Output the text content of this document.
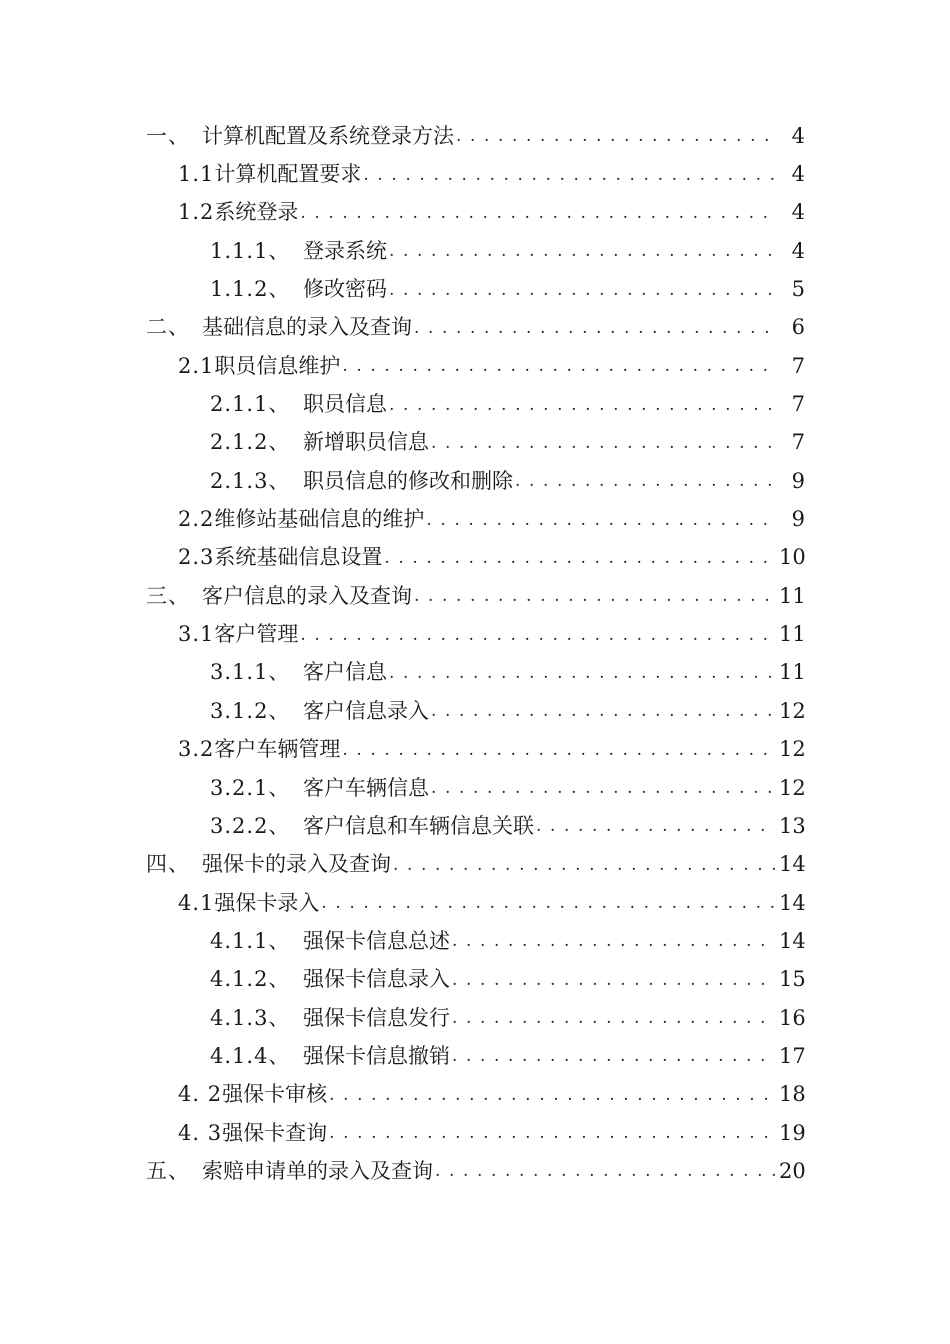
一、 计算机配置及系统登录方法 . . .	4
1.1 计算机配置要求 . . .	4
1.2 系统登录 . . .	4
1.1.1、 登录系统 . . .	4
1.1.2、 修改密码 . . .	5
二、 基础信息的录入及查询 . . .	6
2.1 职员信息维护 . . .	7
2.1.1、 职员信息 . . .	7
2.1.2、 新增职员信息 . . .	7
2.1.3、 职员信息的修改和删除 . . .	9
2.2 维修站基础信息的维护 . . .	9
2.3 系统基础信息设置 . . .	10
三、 客户信息的录入及查询 . . .	11
3.1 客户管理 . . .	11
3.1.1、 客户信息 . . .	11
3.1.2、 客户信息录入 . . .	12
3.2 客户车辆管理 . . .	12
3.2.1、 客户车辆信息 . . .	12
3.2.2、 客户信息和车辆信息关联 . . .	13
四、 强保卡的录入及查询 . . .	14
4.1 强保卡录入 . . .	14
4.1.1、 强保卡信息总述 . . .	14
4.1.2、 强保卡信息录入 . . .	15
4.1.3、 强保卡信息发行 . . .	16
4.1.4、 强保卡信息撤销 . . .	17
4. 2 强保卡审核 . . .	18
4. 3 强保卡查询 . . .	19
五、 索赔申请单的录入及查询 . . .	20
